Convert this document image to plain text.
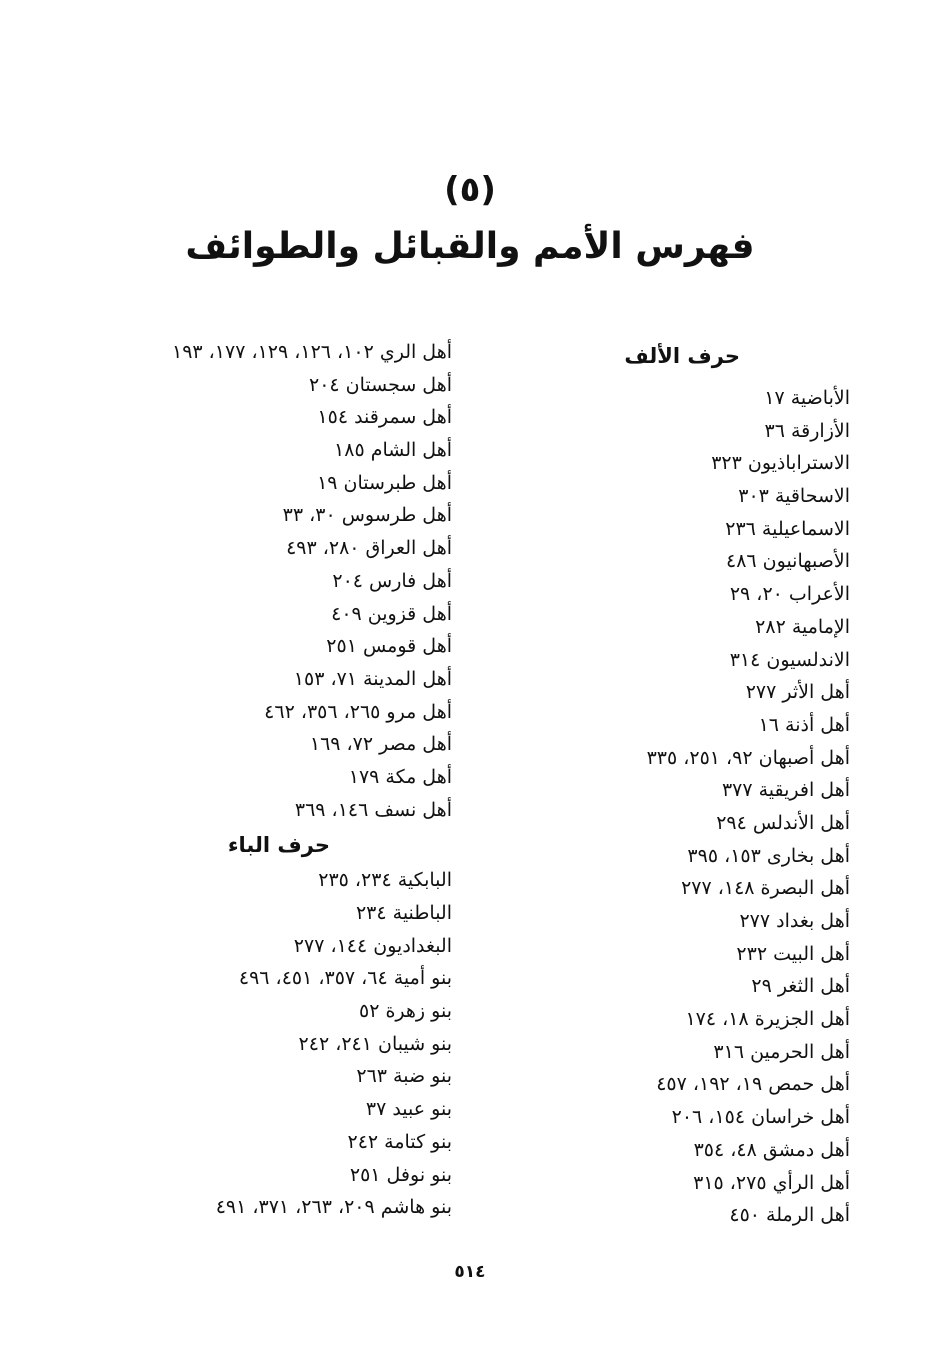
(٥)
فهرس الأمم والقبائل والطوائف
حرف الألف
الأباضية ١٧
الأزارقة ٣٦
الاستراباذيون ٣٢٣
الاسحاقية ٣٠٣
الاسماعيلية ٢٣٦
الأصبهانيون ٤٨٦
الأعراب ٢٠، ٢٩
الإمامية ٢٨٢
الاندلسيون ٣١٤
أهل الأثر ٢٧٧
أهل أذنة ١٦
أهل أصبهان ٩٢، ٢٥١، ٣٣٥
أهل افريقية ٣٧٧
أهل الأندلس ٢٩٤
أهل بخارى ١٥٣، ٣٩٥
أهل البصرة ١٤٨، ٢٧٧
أهل بغداد ٢٧٧
أهل البيت ٢٣٢
أهل الثغر ٢٩
أهل الجزيرة ١٨، ١٧٤
أهل الحرمين ٣١٦
أهل حمص ١٩، ١٩٢، ٤٥٧
أهل خراسان ١٥٤، ٢٠٦
أهل دمشق ٤٨، ٣٥٤
أهل الرأي ٢٧٥، ٣١٥
أهل الرملة ٤٥٠
أهل الري ١٠٢، ١٢٦، ١٢٩، ١٧٧، ١٩٣
أهل سجستان ٢٠٤
أهل سمرقند ١٥٤
أهل الشام ١٨٥
أهل طبرستان ١٩
أهل طرسوس ٣٠، ٣٣
أهل العراق ٢٨٠، ٤٩٣
أهل فارس ٢٠٤
أهل قزوين ٤٠٩
أهل قومس ٢٥١
أهل المدينة ٧١، ١٥٣
أهل مرو ٢٦٥، ٣٥٦، ٤٦٢
أهل مصر ٧٢، ١٦٩
أهل مكة ١٧٩
أهل نسف ١٤٦، ٣٦٩
حرف الباء
البابكية ٢٣٤، ٢٣٥
الباطنية ٢٣٤
البغداديون ١٤٤، ٢٧٧
بنو أمية ٦٤، ٣٥٧، ٤٥١، ٤٩٦
بنو زهرة ٥٢
بنو شيبان ٢٤١، ٢٤٢
بنو ضبة ٢٦٣
بنو عبيد ٣٧
بنو كتامة ٢٤٢
بنو نوفل ٢٥١
بنو هاشم ٢٠٩، ٢٦٣، ٣٧١، ٤٩١
٥١٤
